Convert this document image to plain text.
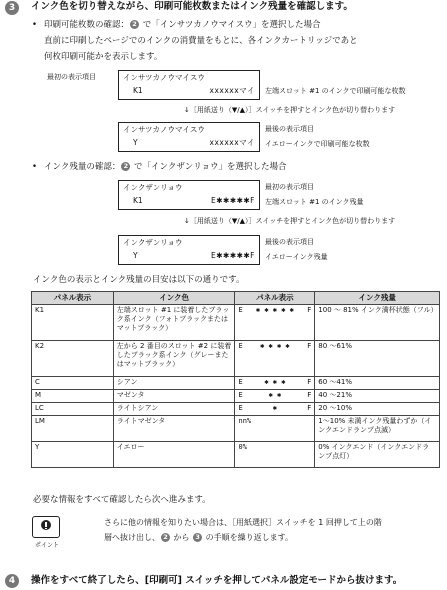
3	インク色を切り替えながら、印刷可能枚数またはインク残量を確認します。
• 印刷可能枚数の確認： 2 で「インサツカノウマイスウ」を選択した場合
直前に印刷したページでのインクの消費量をもとに、各インクカートリッジであと
何枚印刷可能かを表示します。
最初の表示項目	インサツカノウマイスウ
K1	xxxxxxマイ 左端スロット #1 のインクで印刷可能な枚数
↓［用紙送り（▼/▲）］スイッチを押すとインク色が切り替わります
インサツカノウマイスウ
Y	xxxxxxマイ
最後の表示項目
イエローインクで印刷可能な枚数
• インク残量の確認： 2 で「インクザンリョウ」を選択した場合
インクザンリョウ
K1	E✱✱✱✱✱F
最初の表示項目
左端スロット #1 のインク残量
↓［用紙送り（▼/▲）］スイッチを押すとインク色が切り替わります
インクザンリョウ
Y	E✱✱✱✱✱F
最後の表示項目
イエローインク残量
インク色の表示とインク残量の目安は以下の通りです。
パネル表示	インク色	パネル表示	インク残量
K1	左端スロット #1 に装着したブラック系インク（フォトブラックまたはマットブラック）	E ✱ ✱ ✱ ✱ ✱ F	100 ～ 81% インク満杯状態（フル）
K2	左から 2 番目のスロット #2 に装着したブラック系インク（グレーまたはマットブラック）	E ✱ ✱ ✱ ✱ F	80 ～61%
C	シアン	E ✱ ✱ ✱ F	60 ～41%
M	マゼンタ	E ✱ ✱ F	40 ～21%
LC	ライトシアン	E ✱ F	20 ～10%
LM	ライトマゼンタ	nn%	1～10% 未満インク残量わずか（インクエンドランプ点滅）
Y	イエロー	0%	0% インクエンド（インクエンドランプ点灯）
必要な情報をすべて確認したら次へ進みます。
ポイント
さらに他の情報を知りたい場合は、［用紙選択］スイッチを 1 回押して上の階
層へ抜け出し、 2 から 3 の手順を繰り返します。
4	操作をすべて終了したら、[印刷可] スイッチを押してパネル設定モードから抜けます。
